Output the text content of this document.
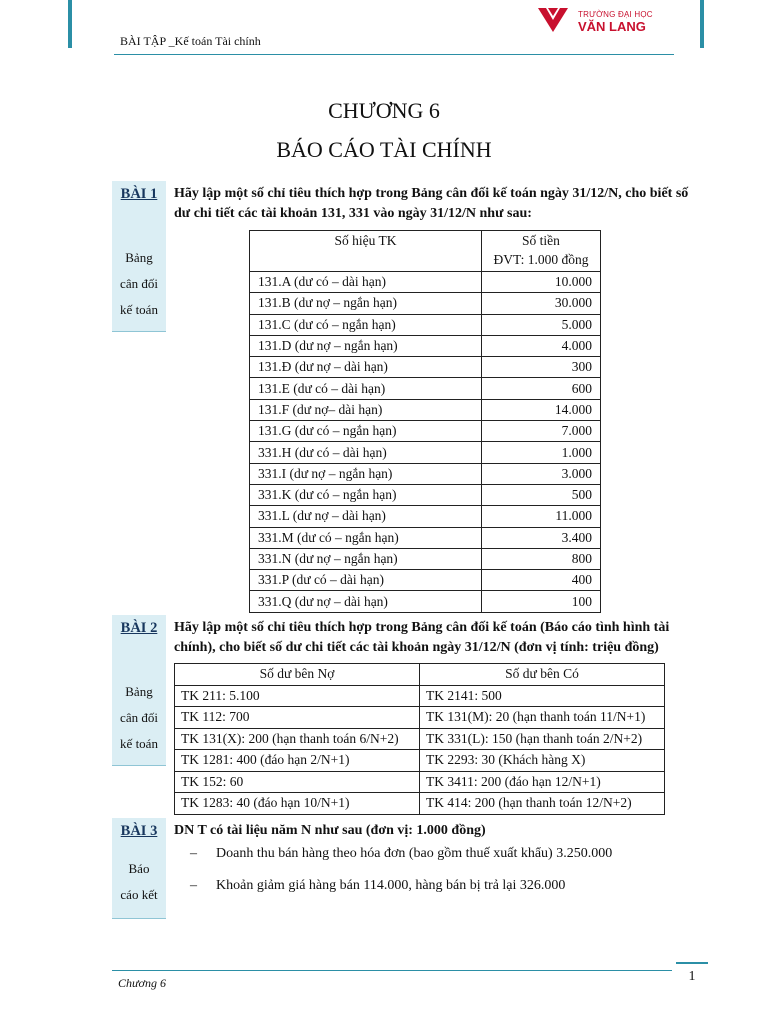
BÀI TẬP _Kế toán Tài chính
TRƯỜNG ĐẠI HỌC
VĂN LANG
CHƯƠNG 6
BÁO CÁO TÀI CHÍNH
BÀI 1
Bảng
cân đối
kế toán
Hãy lập một số chỉ tiêu thích hợp trong Bảng cân đối kế toán ngày 31/12/N, cho biết số dư chi tiết các tài khoản 131, 331 vào ngày 31/12/N như sau:
Số hiệu TK	Số tiền
ĐVT: 1.000 đồng
131.A (dư có – dài hạn)	10.000
131.B (dư nợ – ngắn hạn)	30.000
131.C (dư có – ngắn hạn)	5.000
131.D (dư nợ – ngắn hạn)	4.000
131.Đ (dư nợ – dài hạn)	300
131.E (dư có – dài hạn)	600
131.F (dư nợ– dài hạn)	14.000
131.G (dư có – ngắn hạn)	7.000
331.H (dư có – dài hạn)	1.000
331.I (dư nợ – ngắn hạn)	3.000
331.K (dư có – ngắn hạn)	500
331.L (dư nợ – dài hạn)	11.000
331.M (dư có – ngắn hạn)	3.400
331.N (dư nợ – ngắn hạn)	800
331.P (dư có – dài hạn)	400
331.Q (dư nợ – dài hạn)	100
BÀI 2
Bảng
cân đối
kế toán
Hãy lập một số chỉ tiêu thích hợp trong Bảng cân đối kế toán (Báo cáo tình hình tài chính), cho biết số dư chi tiết các tài khoản ngày 31/12/N (đơn vị tính: triệu đồng)
Số dư bên Nợ	Số dư bên Có
TK 211: 5.100	TK 2141: 500
TK 112: 700	TK 131(M): 20 (hạn thanh toán 11/N+1)
TK 131(X): 200 (hạn thanh toán 6/N+2)	TK 331(L): 150 (hạn thanh toán 2/N+2)
TK 1281: 400 (đáo hạn 2/N+1)	TK 2293: 30 (Khách hàng X)
TK 152: 60	TK 3411: 200 (đáo hạn 12/N+1)
TK 1283: 40 (đáo hạn 10/N+1)	TK 414: 200 (hạn thanh toán 12/N+2)
BÀI 3
Báo
cáo kết
DN T có tài liệu năm N như sau (đơn vị: 1.000 đồng)
– Doanh thu bán hàng theo hóa đơn (bao gồm thuế xuất khẩu) 3.250.000
– Khoản giảm giá hàng bán 114.000, hàng bán bị trả lại 326.000
Chương 6	1
